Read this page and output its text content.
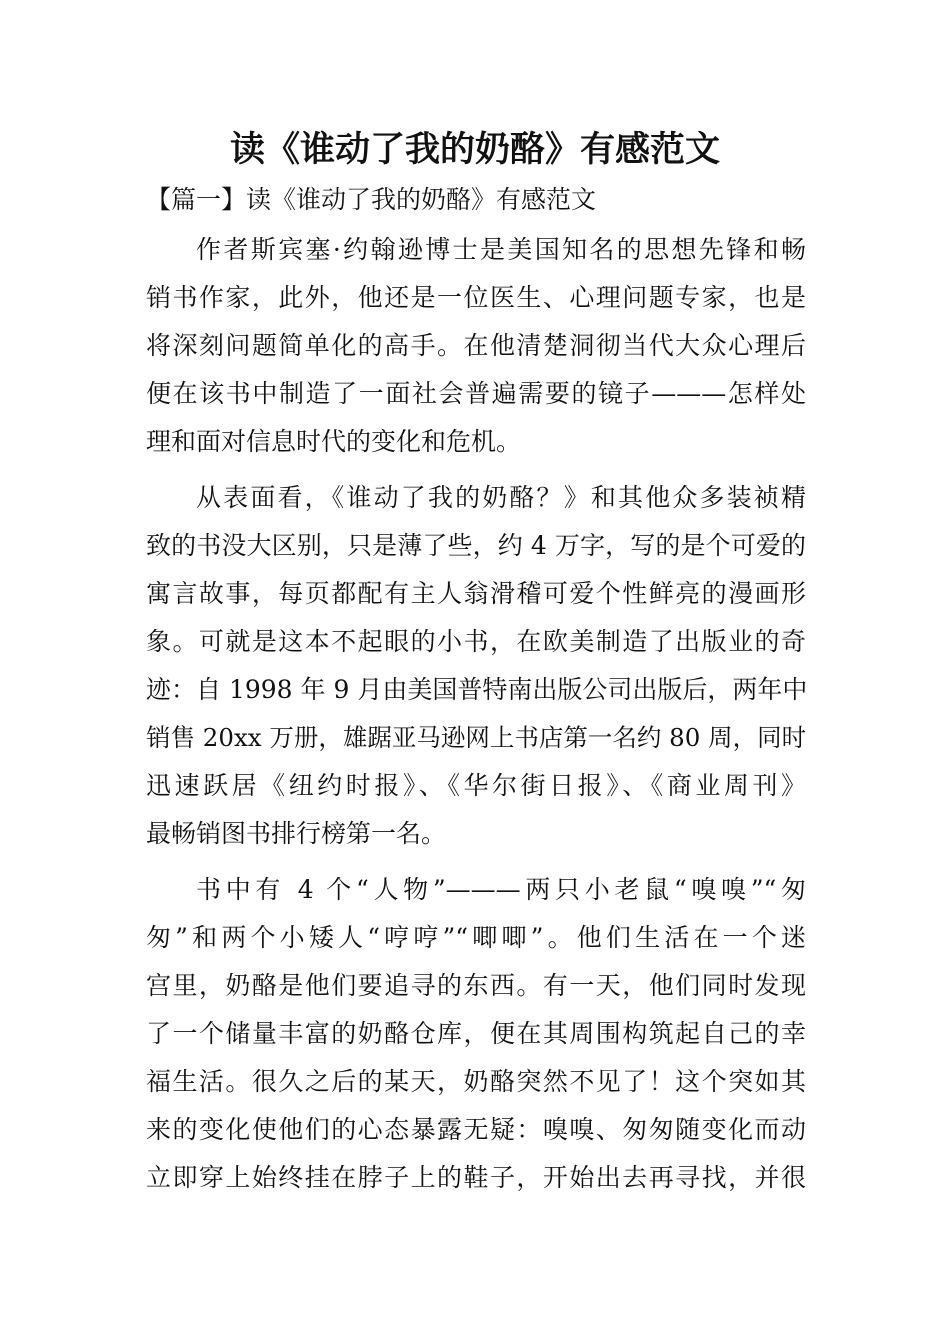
读《谁动了我的奶酪》有感范文

【篇一】读《谁动了我的奶酪》有感范文

作者斯宾塞·约翰逊博士是美国知名的思想先锋和畅

销书作家，此外，他还是一位医生、心理问题专家，也是

将深刻问题简单化的高手。在他清楚洞彻当代大众心理后

便在该书中制造了一面社会普遍需要的镜子———怎样处

理和面对信息时代的变化和危机。

从表面看，《谁动了我的奶酪？》和其他众多装祯精

致的书没大区别，只是薄了些，约 4 万字，写的是个可爱的

寓言故事，每页都配有主人翁滑稽可爱个性鲜亮的漫画形

象。可就是这本不起眼的小书，在欧美制造了出版业的奇

迹：自 1998 年 9 月由美国普特南出版公司出版后，两年中

销售 20xx 万册，雄踞亚马逊网上书店第一名约 80 周，同时

迅速跃居《纽约时报》、《华尔街日报》、《商业周刊》

最畅销图书排行榜第一名。

书中有 4 个“人物”———两只小老鼠“嗅嗅”“匆

匆”和两个小矮人“哼哼”“唧唧”。他们生活在一个迷

宫里，奶酪是他们要追寻的东西。有一天，他们同时发现

了一个储量丰富的奶酪仓库，便在其周围构筑起自己的幸

福生活。很久之后的某天，奶酪突然不见了！这个突如其

来的变化使他们的心态暴露无疑：嗅嗅、匆匆随变化而动

立即穿上始终挂在脖子上的鞋子，开始出去再寻找，并很
